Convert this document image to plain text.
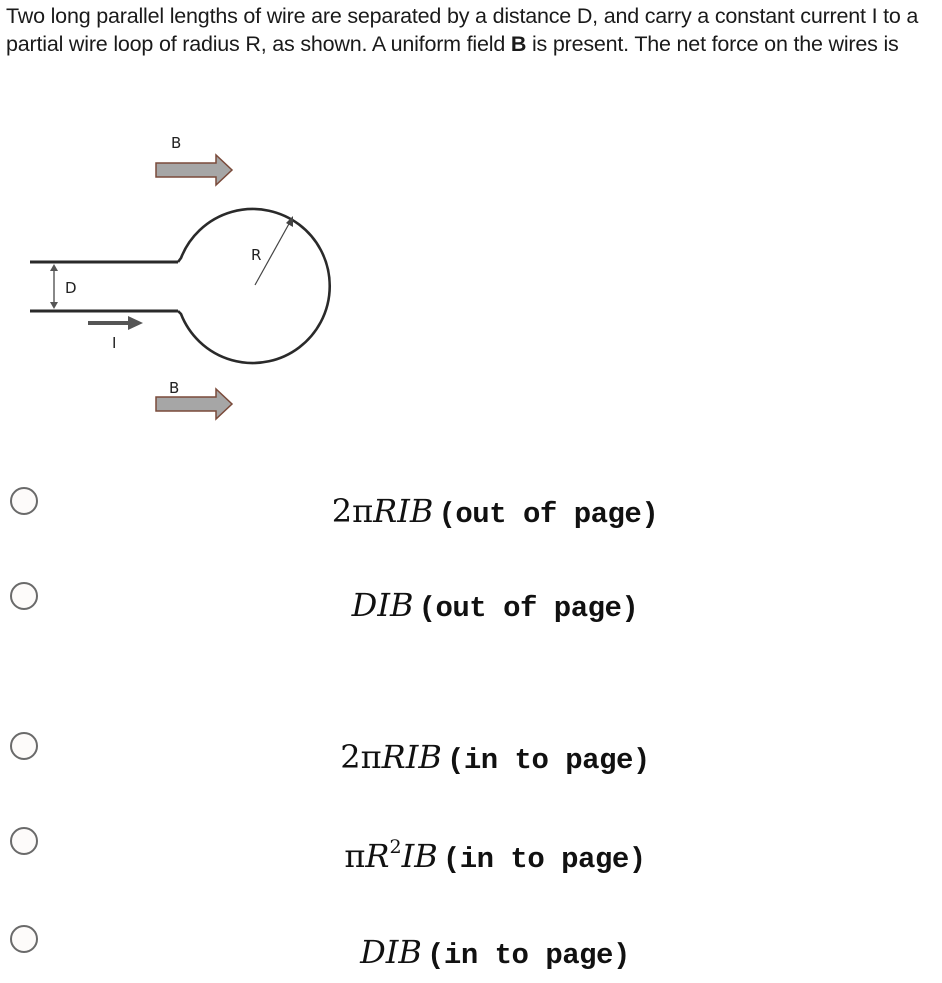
Two long parallel lengths of wire are separated by a distance D, and carry a constant current I to a partial wire loop of radius R, as shown. A uniform field B is present. The net force on the wires is
B
B
D
I
R
2πRIB (out of page)
DIB (out of page)
2πRIB (in to page)
$\pi R^2IB$ (in to page)
DIB (in to page)
